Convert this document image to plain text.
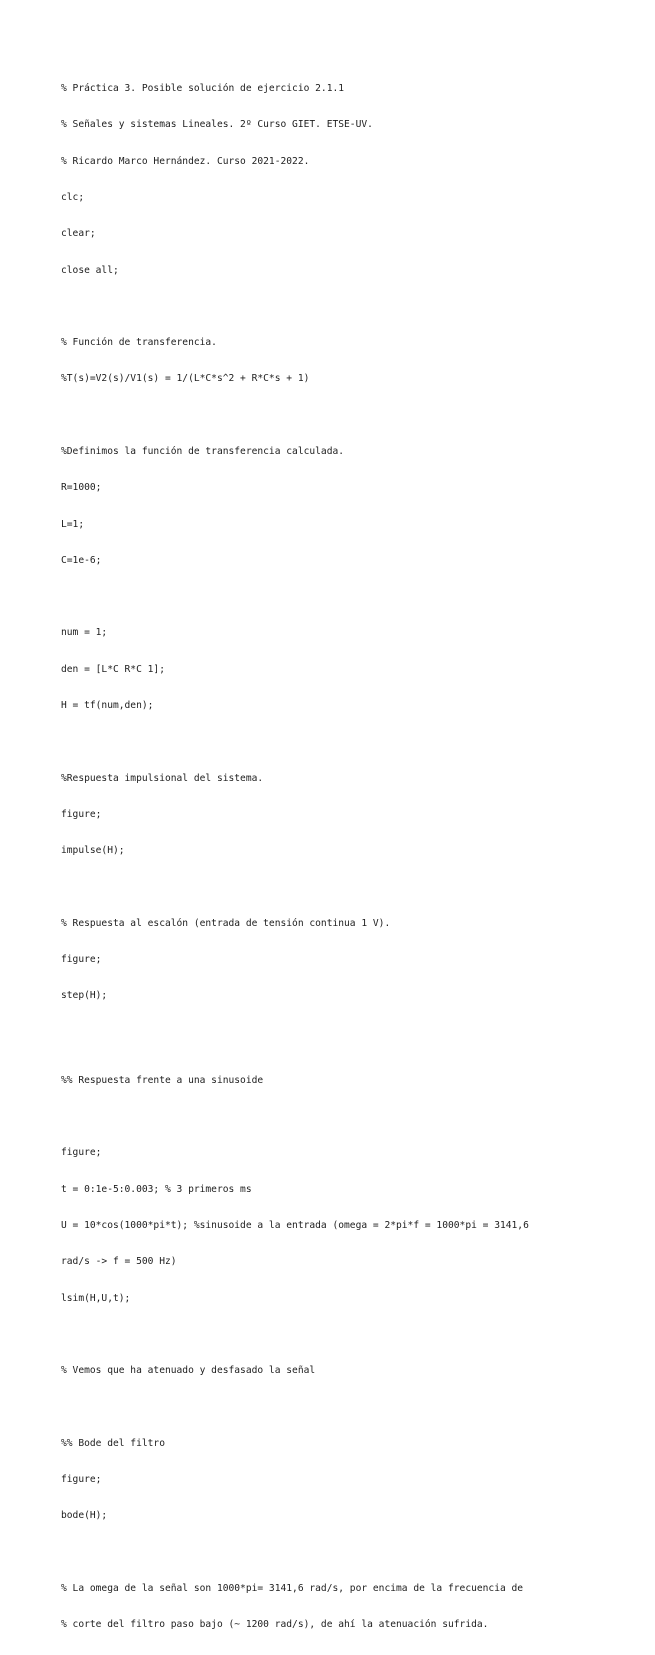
% Práctica 3. Posible solución de ejercicio 2.1.1

% Señales y sistemas Lineales. 2º Curso GIET. ETSE-UV.

% Ricardo Marco Hernández. Curso 2021-2022.

clc;

clear;

close all;

% Función de transferencia.

%T(s)=V2(s)/V1(s) = 1/(L*C*s^2 + R*C*s + 1)

%Definimos la función de transferencia calculada.

R=1000;

L=1;

C=1e-6;

num = 1;

den = [L*C R*C 1];

H = tf(num,den);

%Respuesta impulsional del sistema.

figure;

impulse(H);

% Respuesta al escalón (entrada de tensión continua 1 V).

figure;

step(H);

%% Respuesta frente a una sinusoide

figure;

t = 0:1e-5:0.003; % 3 primeros ms

U = 10*cos(1000*pi*t); %sinusoide a la entrada (omega = 2*pi*f = 1000*pi = 3141,6

rad/s -> f = 500 Hz)

lsim(H,U,t);

% Vemos que ha atenuado y desfasado la señal

%% Bode del filtro

figure;

bode(H);

% La omega de la señal son 1000*pi= 3141,6 rad/s, por encima de la frecuencia de

% corte del filtro paso bajo (~ 1200 rad/s), de ahí la atenuación sufrida.
